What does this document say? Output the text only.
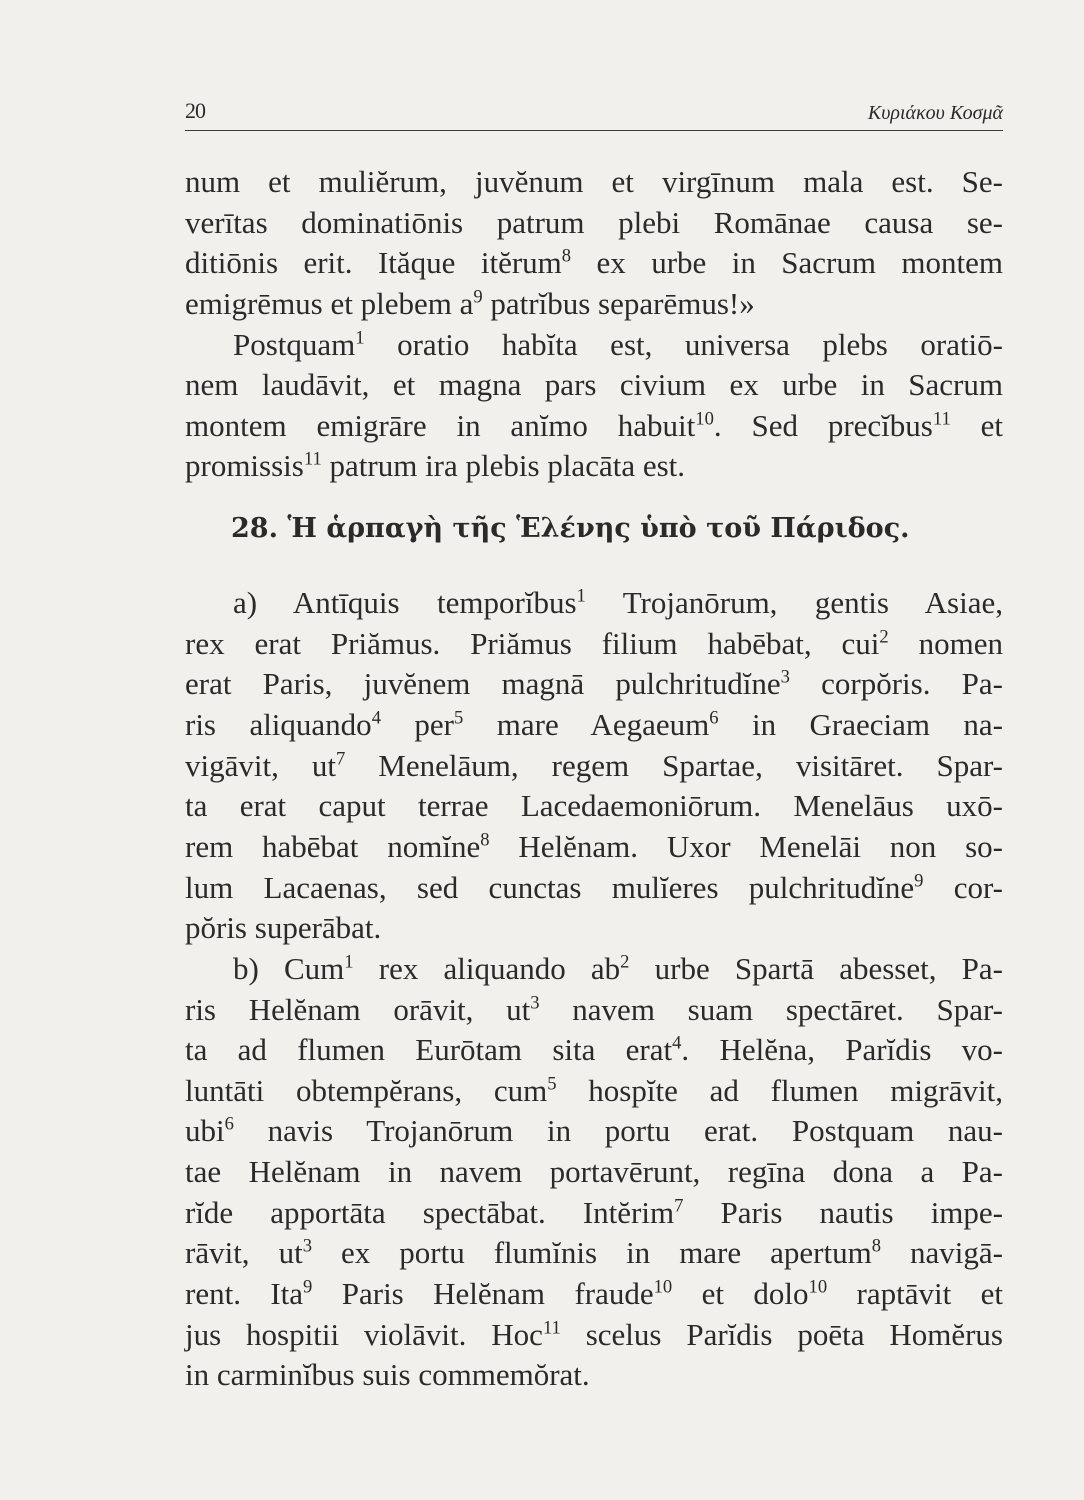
20	Κυριάκου Κοσμᾶ
num et muliĕrum, juvĕnum et virgīnum mala est. Se-
verītas dominatiōnis patrum plebi Romānae causa se-
ditiōnis erit. Ităque itĕrum$^8$ ex urbe in Sacrum montem
emigrēmus et plebem $a^9$ patrĭbus separēmus!»
Postquam$^1$ oratio habĭta est, universa plebs oratiō-
nem laudāvit, et magna pars civium ex urbe in Sacrum
montem emigrāre in anĭmo habuit$^{10}$. Sed precĭbus$^{11}$ et
promissis$^{11}$ patrum ira plebis placāta est.
28. Ἡ ἁρπαγὴ τῆς Ἑλένης ὑπὸ τοῦ Πάριδος.
a) Antīquis temporĭbus$^1$ Trojanōrum, gentis Asiae,
rex erat Priămus. Priămus filium habēbat, cui$^2$ nomen
erat Paris, juvĕnem magnā pulchritudĭne$^3$ corpŏris. Pa-
ris aliquando$^4$ per$^5$ mare Aegaeum$^6$ in Graeciam na-
vigāvit, $ut^7$ Menelāum, regem Spartae, visitāret. Spar-
ta erat caput terrae Lacedaemoniōrum. Menelāus uxō-
rem habēbat nomĭne$^8$ Helĕnam. Uxor Menelāi non so-
lum Lacaenas, sed cunctas mulĭeres pulchritudĭne$^9$ cor-
pŏris superābat.
b) Cum$^1$ rex aliquando $ab^2$ urbe Spartā abesset, Pa-
ris Helĕnam orāvit, $ut^3$ navem suam spectāret. Spar-
ta ad flumen Eurōtam sita erat$^4$. Helĕna, Parĭdis vo-
luntāti obtempĕrans, cum$^5$ hospĭte ad flumen migrāvit,
ubi$^6$ navis Trojanōrum in portu erat. Postquam nau-
tae Helĕnam in navem portavērunt, regīna dona a Pa-
rĭde apportāta spectābat. Intĕrim$^7$ Paris nautis impe-
rāvit, $ut^3$ ex portu flumĭnis in mare apertum$^8$ navigā-
rent. Ita$^9$ Paris Helĕnam fraude$^{10}$ et dolo$^{10}$ raptāvit et
jus hospitii violāvit. Hoc$^{11}$ scelus Parĭdis poēta Homĕrus
in carminĭbus suis commemŏrat.
